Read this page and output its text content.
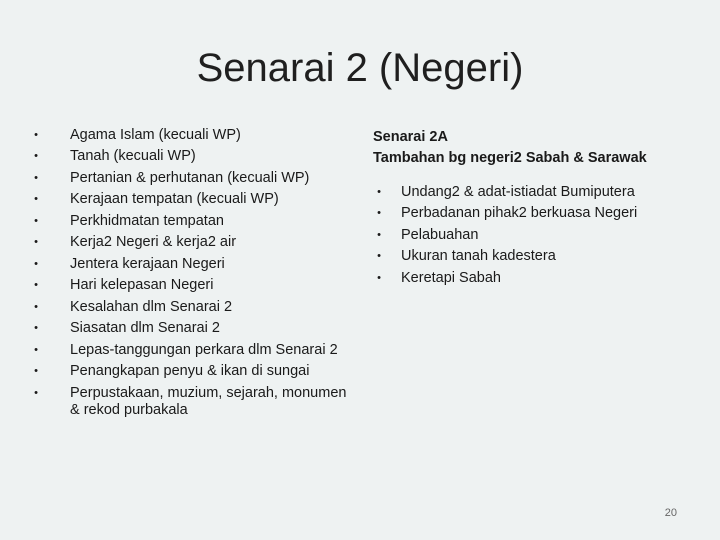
Senarai 2 (Negeri)
• Agama Islam (kecuali WP)
• Tanah (kecuali WP)
• Pertanian & perhutanan (kecuali WP)
• Kerajaan tempatan (kecuali WP)
• Perkhidmatan tempatan
• Kerja2 Negeri & kerja2 air
• Jentera kerajaan Negeri
• Hari kelepasan Negeri
• Kesalahan dlm Senarai 2
• Siasatan dlm Senarai 2
• Lepas-tanggungan perkara dlm Senarai 2
• Penangkapan penyu & ikan di sungai
• Perpustakaan, muzium, sejarah, monumen & rekod purbakala

Senarai 2A

Tambahan bg negeri2 Sabah & Sarawak

• Undang2 & adat-istiadat Bumiputera
• Perbadanan pihak2 berkuasa Negeri
• Pelabuahan
• Ukuran tanah kadestera
• Keretapi Sabah
20
